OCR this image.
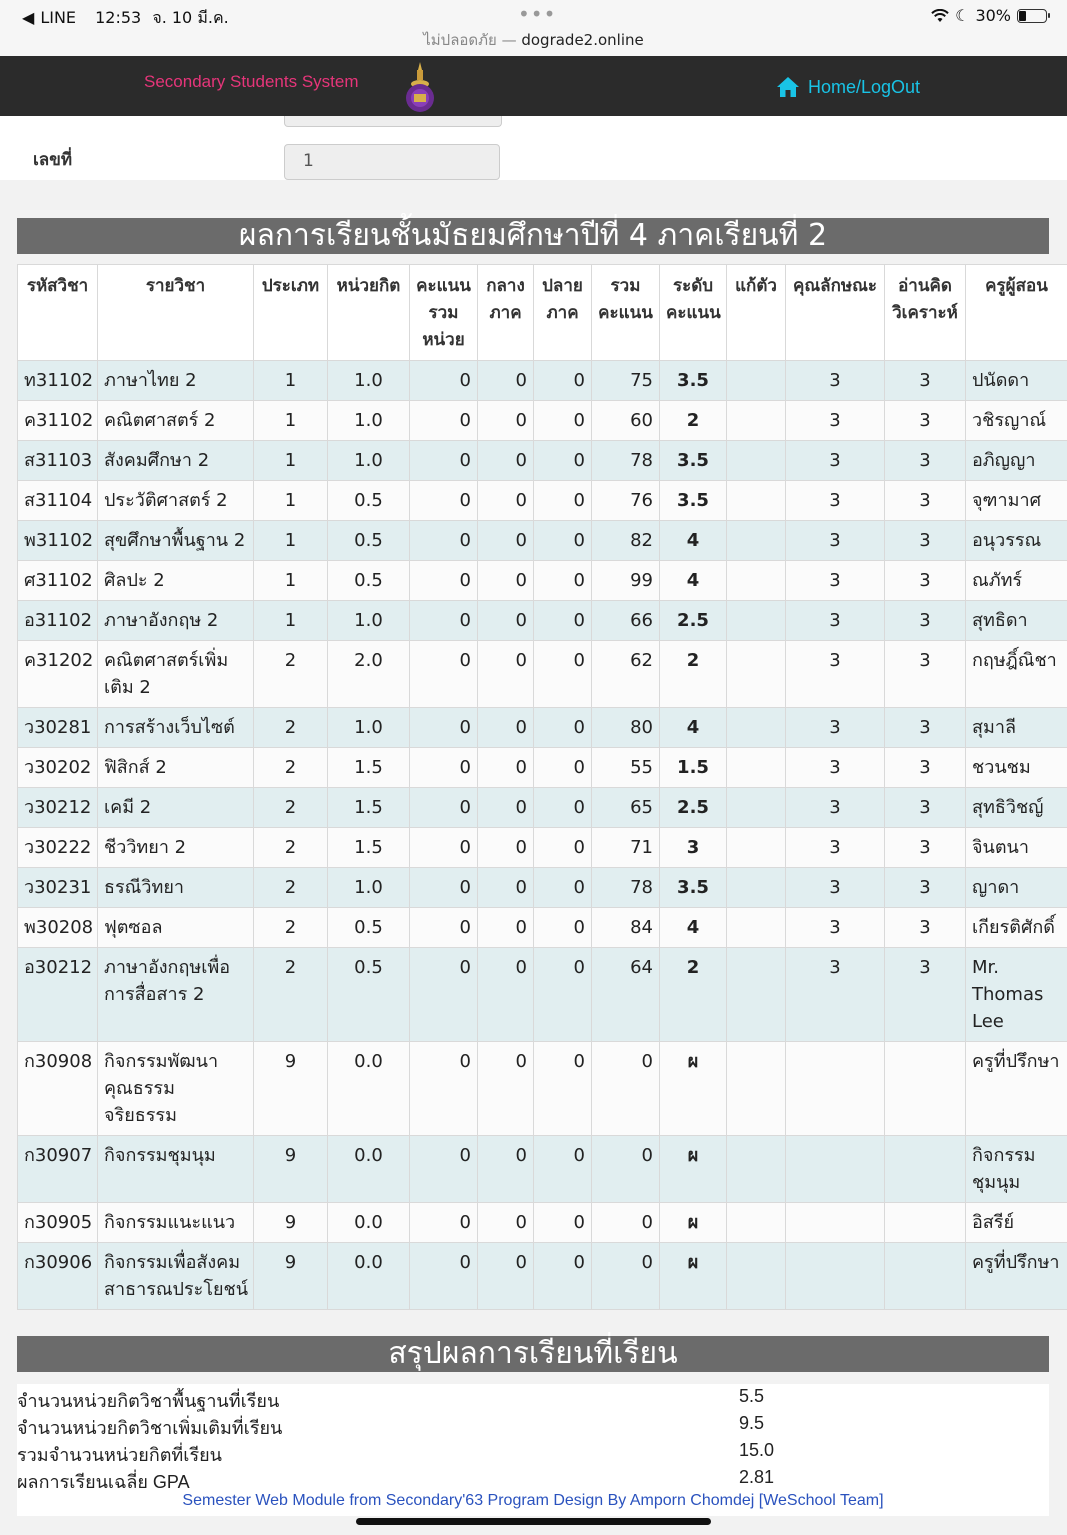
◀ LINE 12:53 จ. 10 มี.ค.	•••
ไม่ปลอดภัย — dograde2.online
☾ 30%
Secondary Students System	Home/LogOut
เลขที่	1
ผลการเรียนชั้นมัธยมศึกษาปีที่ 4 ภาคเรียนที่ 2
รหัสวิชา	รายวิชา	ประเภท	หน่วยกิต	คะแนน รวม หน่วย	กลาง ภาค	ปลาย ภาค	รวม คะแนน	ระดับ คะแนน	แก้ตัว	คุณลักษณะ	อ่านคิด วิเคราะห์	ครูผู้สอน
ท31102	ภาษาไทย 2	1	1.0	0	0	0	75	3.5		3	3	ปนัดดา
ค31102	คณิตศาสตร์ 2	1	1.0	0	0	0	60	2		3	3	วชิรญาณ์
ส31103	สังคมศึกษา 2	1	1.0	0	0	0	78	3.5		3	3	อภิญญา
ส31104	ประวัติศาสตร์ 2	1	0.5	0	0	0	76	3.5		3	3	จุฑามาศ
พ31102	สุขศึกษาพื้นฐาน 2	1	0.5	0	0	0	82	4		3	3	อนุวรรณ
ศ31102	ศิลปะ 2	1	0.5	0	0	0	99	4		3	3	ณภัทร์
อ31102	ภาษาอังกฤษ 2	1	1.0	0	0	0	66	2.5		3	3	สุทธิดา
ค31202	คณิตศาสตร์เพิ่มเติม 2	2	2.0	0	0	0	62	2		3	3	กฤษฎิ์ณิชา
ว30281	การสร้างเว็บไซต์	2	1.0	0	0	0	80	4		3	3	สุมาลี
ว30202	ฟิสิกส์ 2	2	1.5	0	0	0	55	1.5		3	3	ชวนชม
ว30212	เคมี 2	2	1.5	0	0	0	65	2.5		3	3	สุทธิวิชญ์
ว30222	ชีววิทยา 2	2	1.5	0	0	0	71	3		3	3	จินตนา
ว30231	ธรณีวิทยา	2	1.0	0	0	0	78	3.5		3	3	ญาดา
พ30208	ฟุตซอล	2	0.5	0	0	0	84	4		3	3	เกียรติศักดิ์
อ30212	ภาษาอังกฤษเพื่อการสื่อสาร 2	2	0.5	0	0	0	64	2		3	3	Mr. Thomas Lee
ก30908	กิจกรรมพัฒนาคุณธรรม จริยธรรม	9	0.0	0	0	0	0	ผ				ครูที่ปรึกษา
ก30907	กิจกรรมชุมนุม	9	0.0	0	0	0	0	ผ				กิจกรรมชุมนุม
ก30905	กิจกรรมแนะแนว	9	0.0	0	0	0	0	ผ				อิสรีย์
ก30906	กิจกรรมเพื่อสังคมสาธารณประโยชน์	9	0.0	0	0	0	0	ผ				ครูที่ปรึกษา
สรุปผลการเรียนที่เรียน
จำนวนหน่วยกิตวิชาพื้นฐานที่เรียน	5.5
จำนวนหน่วยกิตวิชาเพิ่มเติมที่เรียน	9.5
รวมจำนวนหน่วยกิตที่เรียน	15.0
ผลการเรียนเฉลี่ย GPA	2.81
Semester Web Module from Secondary'63 Program Design By Amporn Chomdej [WeSchool Team]
